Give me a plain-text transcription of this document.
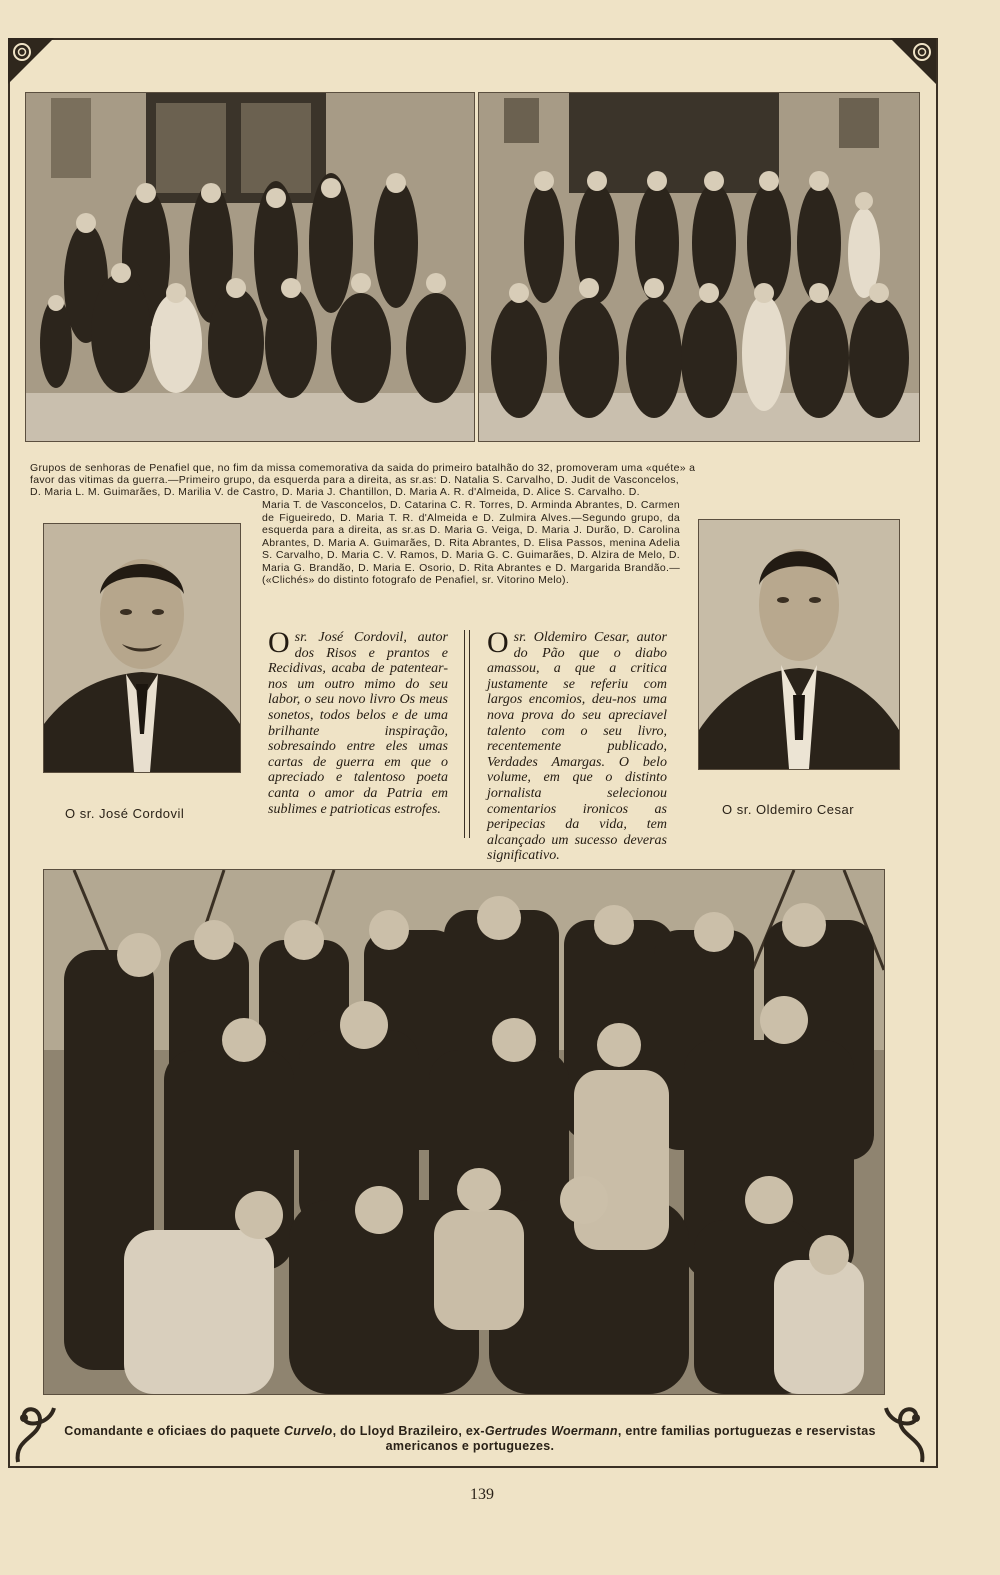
Grupos de senhoras de Penafiel que, no fim da missa comemorativa da saida do primeiro batalhão do 32, promoveram uma «quéte» a
favor das vitimas da guerra.—Primeiro grupo, da esquerda para a direita, as sr.as: D. Natalia S. Carvalho, D. Judit de Vasconcelos,
D. Maria L. M. Guimarães, D. Marilia V. de Castro, D. Maria J. Chantillon, D. Maria A. R. d'Almeida, D. Alice S. Carvalho. D.
Maria T. de Vasconcelos, D. Catarina C. R. Torres, D. Arminda Abrantes, D. Carmen de Figueiredo, D. Maria T. R. d'Almeida e D. Zulmira Alves.—Segundo grupo, da esquerda para a direita, as sr.as D. Maria G. Veiga, D. Maria J. Durão, D. Carolina Abrantes, D. Maria A. Guimarães, D. Rita Abrantes, D. Elisa Passos, menina Adelia S. Carvalho, D. Maria C. V. Ramos, D. Maria G. C. Guimarães, D. Alzira de Melo, D. Maria G. Brandão, D. Maria E. Osorio, D. Rita Abrantes e D. Margarida Brandão.—(«Clichés» do distinto fotografo de Penafiel, sr. Vitorino Melo).
O sr. José Cordovil	O sr. Oldemiro Cesar
Osr. José Cordovil, autor dos Risos e prantos e Recidivas, acaba de patentear-nos um outro mimo do seu labor, o seu novo livro Os meus sonetos, todos belos e de uma brilhante inspiração, sobresaindo entre eles umas cartas de guerra em que o apreciado e talentoso poeta canta o amor da Patria em sublimes e patrioticas estrofes.
Osr. Oldemiro Cesar, autor do Pão que o diabo amassou, a que a critica justamente se referiu com largos encomios, deu-nos uma nova prova do seu apreciavel talento com o seu livro, recentemente publicado, Verdades Amargas. O belo volume, em que o distinto jornalista selecionou comentarios ironicos as peripecias da vida, tem alcançado um sucesso deveras significativo.
Comandante e oficiaes do paquete Curvelo, do Lloyd Brazileiro, ex-Gertrudes Woermann, entre familias portuguezas e reservistas americanos e portuguezes.
139
